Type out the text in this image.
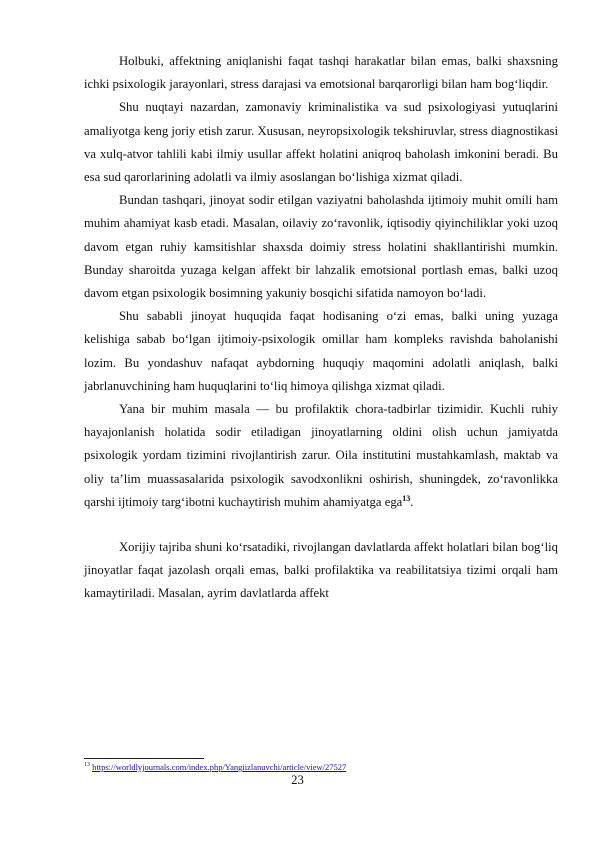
Holbuki, affektning aniqlanishi faqat tashqi harakatlar bilan emas, balki shaxsning ichki psixologik jarayonlari, stress darajasi va emotsional barqarorligi bilan ham bog‘liqdir.

Shu nuqtayi nazardan, zamonaviy kriminalistika va sud psixologiyasi yutuqlarini amaliyotga keng joriy etish zarur. Xususan, neyropsixologik tekshiruvlar, stress diagnostikasi va xulq-atvor tahlili kabi ilmiy usullar affekt holatini aniqroq baholash imkonini beradi. Bu esa sud qarorlarining adolatli va ilmiy asoslangan bo‘lishiga xizmat qiladi.

Bundan tashqari, jinoyat sodir etilgan vaziyatni baholashda ijtimoiy muhit omili ham muhim ahamiyat kasb etadi. Masalan, oilaviy zo‘ravonlik, iqtisodiy qiyinchiliklar yoki uzoq davom etgan ruhiy kamsitishlar shaxsda doimiy stress holatini shakllantirishi mumkin. Bunday sharoitda yuzaga kelgan affekt bir lahzalik emotsional portlash emas, balki uzoq davom etgan psixologik bosimning yakuniy bosqichi sifatida namoyon bo‘ladi.

Shu sababli jinoyat huquqida faqat hodisaning o‘zi emas, balki uning yuzaga kelishiga sabab bo‘lgan ijtimoiy-psixologik omillar ham kompleks ravishda baholanishi lozim. Bu yondashuv nafaqat aybdorning huquqiy maqomini adolatli aniqlash, balki jabrlanuvchining ham huquqlarini to‘liq himoya qilishga xizmat qiladi.

Yana bir muhim masala — bu profilaktik chora-tadbirlar tizimidir. Kuchli ruhiy hayajonlanish holatida sodir etiladigan jinoyatlarning oldini olish uchun jamiyatda psixologik yordam tizimini rivojlantirish zarur. Oila institutini mustahkamlash, maktab va oliy ta’lim muassasalarida psixologik savodxonlikni oshirish, shuningdek, zo‘ravonlikka qarshi ijtimoiy targ‘ibotni kuchaytirish muhim ahamiyatga ega$^{13}$.

Xorijiy tajriba shuni ko‘rsatadiki, rivojlangan davlatlarda affekt holatlari bilan bog‘liq jinoyatlar faqat jazolash orqali emas, balki profilaktika va reabilitatsiya tizimi orqali ham kamaytiriladi. Masalan, ayrim davlatlarda affekt

$^{13}$ https://worldlyjournals.com/index.php/Yangiizlanuvchi/article/view/27527
23
